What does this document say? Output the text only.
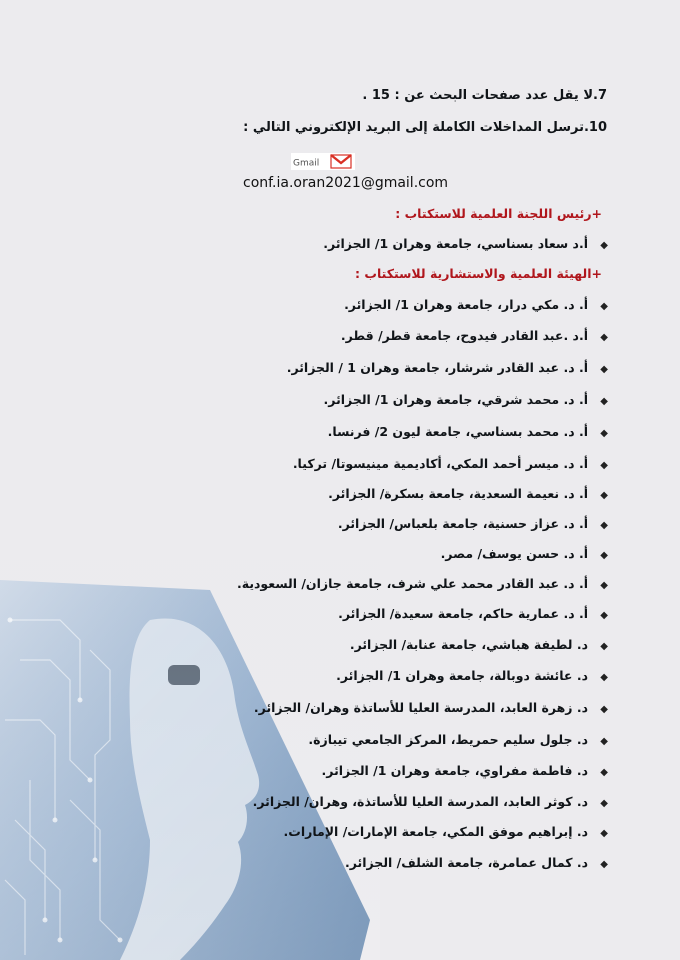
7.لا يقل عدد صفحات البحث عن : 15 .
10.ترسل المداخلات الكاملة إلى البريد الإلكتروني التالي :
Gmail
conf.ia.oran2021@gmail.com
+رئيس اللجنة العلمية للاستكتاب :
◆أ.د سعاد بسناسي، جامعة وهران 1/ الجزائر.
+الهيئة العلمية والاستشارية للاستكتاب :
◆أ. د. مكي درار، جامعة وهران 1/ الجزائر.
◆أ.د .عبد القادر فيدوح، جامعة قطر/ قطر.
◆أ. د. عبد القادر شرشار، جامعة وهران 1 / الجزائر.
◆أ. د. محمد شرقي، جامعة وهران 1/ الجزائر.
◆أ. د. محمد بسناسي، جامعة ليون 2/ فرنسا.
◆أ. د. ميسر أحمد المكي، أكاديمية مينيسوتا/ تركيا.
◆أ. د. نعيمة السعدية، جامعة بسكرة/ الجزائر.
◆أ. د. عزاز حسنية، جامعة بلعباس/ الجزائر.
◆أ. د. حسن يوسف/ مصر.
◆أ. د. عبد القادر محمد علي شرف، جامعة جازان/ السعودية.
◆أ. د. عمارية حاكم، جامعة سعيدة/ الجزائر.
◆د. لطيفة هباشي، جامعة عنابة/ الجزائر.
◆د. عائشة دوبالة، جامعة وهران 1/ الجزائر.
◆د. زهرة العابد، المدرسة العليا للأساتذة وهران/ الجزائر.
◆د. جلول سليم حمريط، المركز الجامعي تيبازة.
◆د. فاطمة مفراوي، جامعة وهران 1/ الجزائر.
◆د. كوثر العابد، المدرسة العليا للأساتذة، وهران/ الجزائر.
◆د. إبراهيم موفق المكي، جامعة الإمارات/ الإمارات.
◆د. كمال عمامرة، جامعة الشلف/ الجزائر.
